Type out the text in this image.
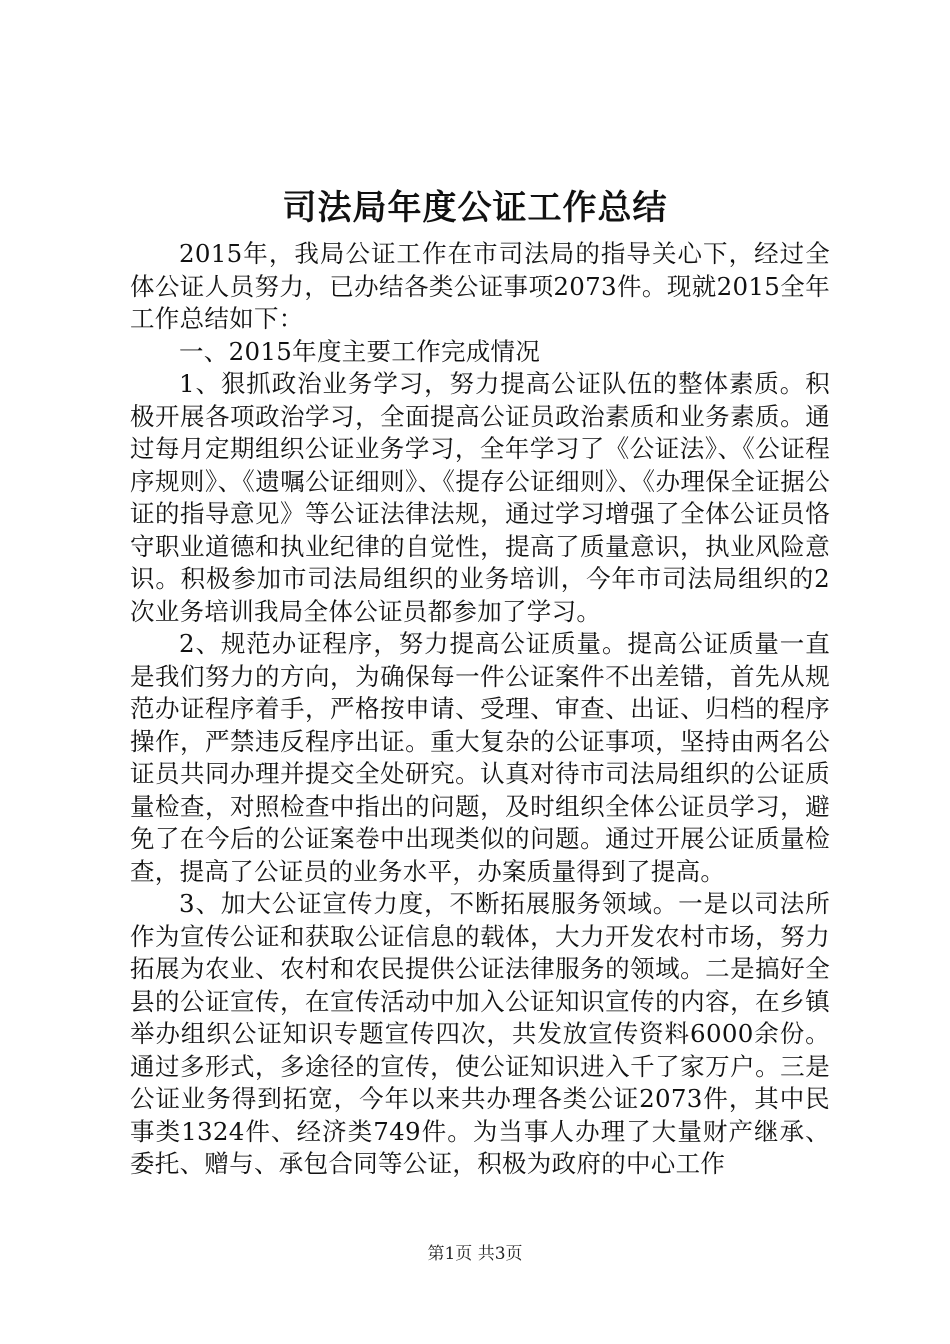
司法局年度公证工作总结

2015年，我局公证工作在市司法局的指导关心下，经过全体公证人员努力，已办结各类公证事项2073件。现就2015全年工作总结如下：

一、2015年度主要工作完成情况

1、狠抓政治业务学习，努力提高公证队伍的整体素质。积极开展各项政治学习，全面提高公证员政治素质和业务素质。通过每月定期组织公证业务学习，全年学习了《公证法》、《公证程序规则》、《遗嘱公证细则》、《提存公证细则》、《办理保全证据公证的指导意见》等公证法律法规，通过学习增强了全体公证员恪守职业道德和执业纪律的自觉性，提高了质量意识，执业风险意识。积极参加市司法局组织的业务培训，今年市司法局组织的2次业务培训我局全体公证员都参加了学习。

2、规范办证程序，努力提高公证质量。提高公证质量一直是我们努力的方向，为确保每一件公证案件不出差错，首先从规范办证程序着手，严格按申请、受理、审查、出证、归档的程序操作，严禁违反程序出证。重大复杂的公证事项，坚持由两名公证员共同办理并提交全处研究。认真对待市司法局组织的公证质量检查，对照检查中指出的问题，及时组织全体公证员学习，避免了在今后的公证案卷中出现类似的问题。通过开展公证质量检查，提高了公证员的业务水平，办案质量得到了提高。

3、加大公证宣传力度，不断拓展服务领域。一是以司法所作为宣传公证和获取公证信息的载体，大力开发农村市场，努力拓展为农业、农村和农民提供公证法律服务的领域。二是搞好全县的公证宣传，在宣传活动中加入公证知识宣传的内容，在乡镇举办组织公证知识专题宣传四次，共发放宣传资料6000余份。通过多形式，多途径的宣传，使公证知识进入千了家万户。三是公证业务得到拓宽，今年以来共办理各类公证2073件，其中民事类1324件、经济类749件。为当事人办理了大量财产继承、委托、赠与、承包合同等公证，积极为政府的中心工作

第1页 共3页
